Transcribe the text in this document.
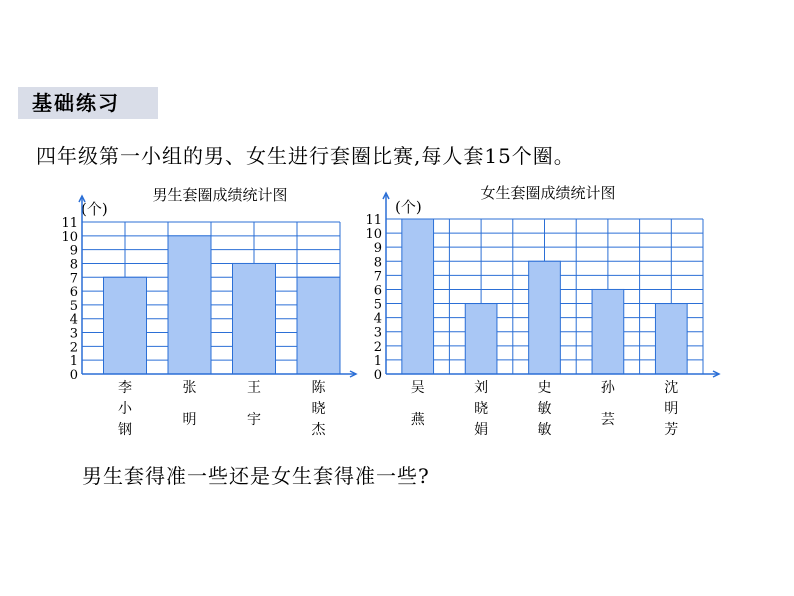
基础练习
四年级第一小组的男、女生进行套圈比赛,每人套15个圈。
男生套圈成绩统计图
(个)
李小钢
张明
王宇
陈晓杰
0
1
2
3
4
5
6
7
8
9
10
11
女生套圈成绩统计图
(个)
吴燕
刘晓娟
史敏敏
孙芸
沈明芳
0
1
2
3
4
5
6
7
8
9
10
11
男生套得准一些还是女生套得准一些?
